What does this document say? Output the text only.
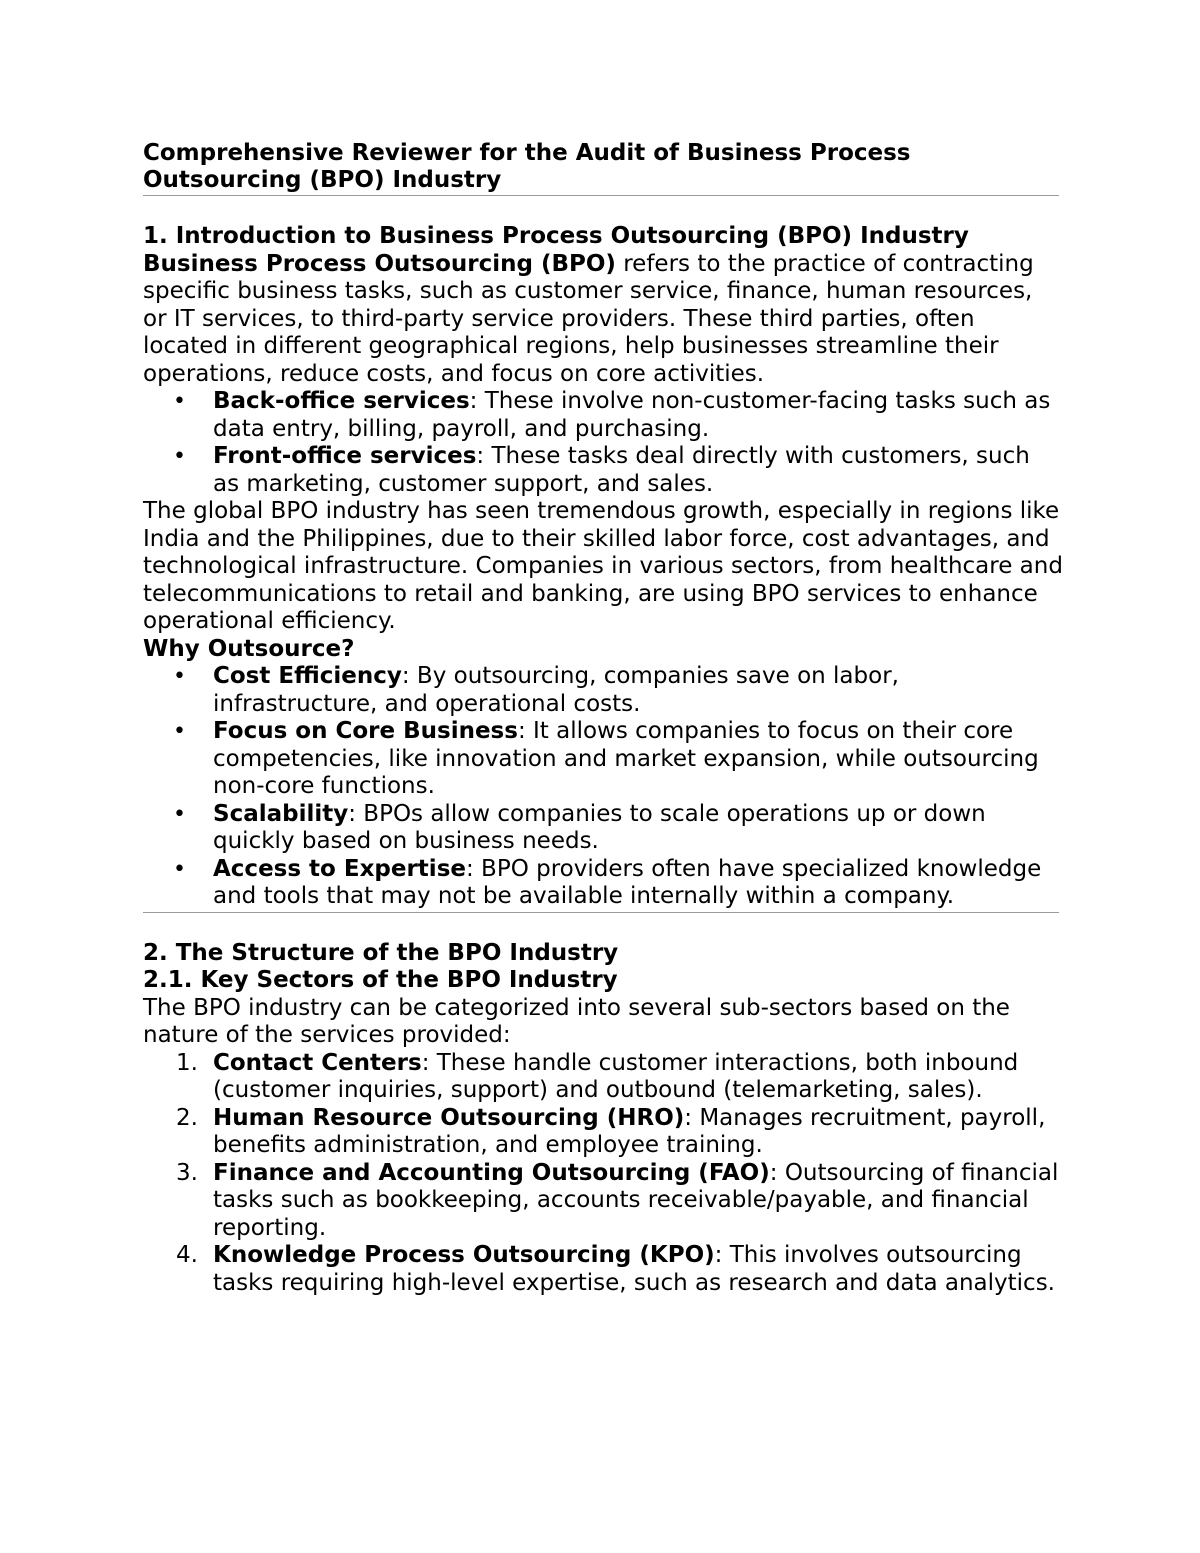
Comprehensive Reviewer for the Audit of Business Process Outsourcing (BPO) Industry

1. Introduction to Business Process Outsourcing (BPO) Industry

Business Process Outsourcing (BPO) refers to the practice of contracting specific business tasks, such as customer service, finance, human resources, or IT services, to third-party service providers. These third parties, often located in different geographical regions, help businesses streamline their operations, reduce costs, and focus on core activities.

• Back-office services: These involve non-customer-facing tasks such as data entry, billing, payroll, and purchasing.
• Front-office services: These tasks deal directly with customers, such as marketing, customer support, and sales.

The global BPO industry has seen tremendous growth, especially in regions like India and the Philippines, due to their skilled labor force, cost advantages, and technological infrastructure. Companies in various sectors, from healthcare and telecommunications to retail and banking, are using BPO services to enhance operational efficiency.

Why Outsource?

• Cost Efficiency: By outsourcing, companies save on labor, infrastructure, and operational costs.
• Focus on Core Business: It allows companies to focus on their core competencies, like innovation and market expansion, while outsourcing non-core functions.
• Scalability: BPOs allow companies to scale operations up or down quickly based on business needs.
• Access to Expertise: BPO providers often have specialized knowledge and tools that may not be available internally within a company.

2. The Structure of the BPO Industry

2.1. Key Sectors of the BPO Industry

The BPO industry can be categorized into several sub-sectors based on the nature of the services provided:

1. Contact Centers: These handle customer interactions, both inbound (customer inquiries, support) and outbound (telemarketing, sales).
2. Human Resource Outsourcing (HRO): Manages recruitment, payroll, benefits administration, and employee training.
3. Finance and Accounting Outsourcing (FAO): Outsourcing of financial tasks such as bookkeeping, accounts receivable/payable, and financial reporting.
4. Knowledge Process Outsourcing (KPO): This involves outsourcing tasks requiring high-level expertise, such as research and data analytics.
